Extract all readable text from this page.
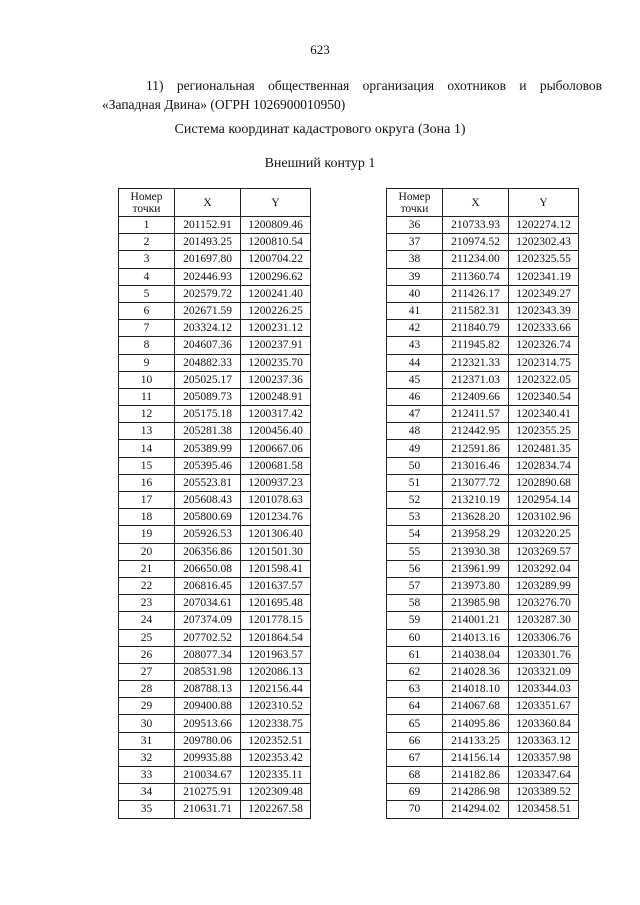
623
11) региональная общественная организация охотников и рыболовов
«Западная Двина» (ОГРН 1026900010950)
Система координат кадастрового округа (Зона 1)
Внешний контур 1
Номер точки	X	Y
1	201152.91	1200809.46
2	201493.25	1200810.54
3	201697.80	1200704.22
4	202446.93	1200296.62
5	202579.72	1200241.40
6	202671.59	1200226.25
7	203324.12	1200231.12
8	204607.36	1200237.91
9	204882.33	1200235.70
10	205025.17	1200237.36
11	205089.73	1200248.91
12	205175.18	1200317.42
13	205281.38	1200456.40
14	205389.99	1200667.06
15	205395.46	1200681.58
16	205523.81	1200937.23
17	205608.43	1201078.63
18	205800.69	1201234.76
19	205926.53	1201306.40
20	206356.86	1201501.30
21	206650.08	1201598.41
22	206816.45	1201637.57
23	207034.61	1201695.48
24	207374.09	1201778.15
25	207702.52	1201864.54
26	208077.34	1201963.57
27	208531.98	1202086.13
28	208788.13	1202156.44
29	209400.88	1202310.52
30	209513.66	1202338.75
31	209780.06	1202352.51
32	209935.88	1202353.42
33	210034.67	1202335.11
34	210275.91	1202309.48
35	210631.71	1202267.58
Номер точки	X	Y
36	210733.93	1202274.12
37	210974.52	1202302.43
38	211234.00	1202325.55
39	211360.74	1202341.19
40	211426.17	1202349.27
41	211582.31	1202343.39
42	211840.79	1202333.66
43	211945.82	1202326.74
44	212321.33	1202314.75
45	212371.03	1202322.05
46	212409.66	1202340.54
47	212411.57	1202340.41
48	212442.95	1202355.25
49	212591.86	1202481.35
50	213016.46	1202834.74
51	213077.72	1202890.68
52	213210.19	1202954.14
53	213628.20	1203102.96
54	213958.29	1203220.25
55	213930.38	1203269.57
56	213961.99	1203292.04
57	213973.80	1203289.99
58	213985.98	1203276.70
59	214001.21	1203287.30
60	214013.16	1203306.76
61	214038.04	1203301.76
62	214028.36	1203321.09
63	214018.10	1203344.03
64	214067.68	1203351.67
65	214095.86	1203360.84
66	214133.25	1203363.12
67	214156.14	1203357.98
68	214182.86	1203347.64
69	214286.98	1203389.52
70	214294.02	1203458.51
